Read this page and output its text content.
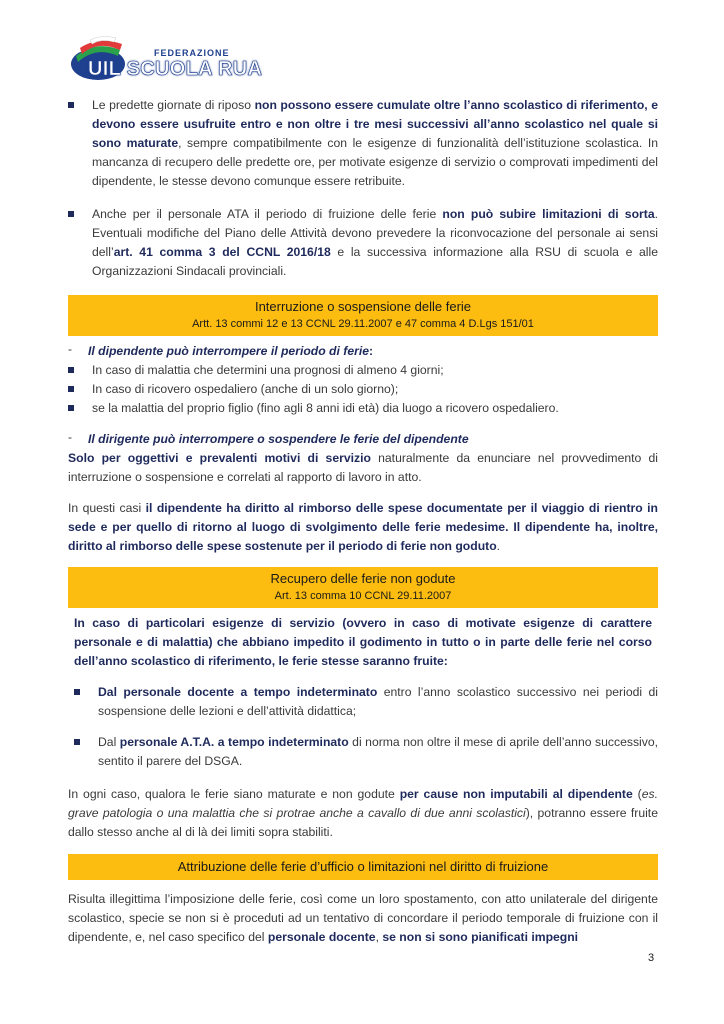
FEDERAZIONE
UIL SCUOLA RUA

Le predette giornate di riposo non possono essere cumulate oltre l’anno scolastico di riferimento, e devono essere usufruite entro e non oltre i tre mesi successivi all’anno scolastico nel quale si sono maturate, sempre compatibilmente con le esigenze di funzionalità dell’istituzione scolastica. In mancanza di recupero delle predette ore, per motivate esigenze di servizio o comprovati impedimenti del dipendente, le stesse devono comunque essere retribuite.

Anche per il personale ATA il periodo di fruizione delle ferie non può subire limitazioni di sorta. Eventuali modifiche del Piano delle Attività devono prevedere la riconvocazione del personale ai sensi dell’art. 41 comma 3 del CCNL 2016/18 e la successiva informazione alla RSU di scuola e alle Organizzazioni Sindacali provinciali.

Interruzione o sospensione delle ferie
Artt. 13 commi 12 e 13 CCNL 29.11.2007 e 47 comma 4 D.Lgs 151/01
-	Il dipendente può interrompere il periodo di ferie:

In caso di malattia che determini una prognosi di almeno 4 giorni;

In caso di ricovero ospedaliero (anche di un solo giorno);

se la malattia del proprio figlio (fino agli 8 anni idi età) dia luogo a ricovero ospedaliero.

-	Il dirigente può interrompere o sospendere le ferie del dipendente

Solo per oggettivi e prevalenti motivi di servizio naturalmente da enunciare nel provvedimento di interruzione o sospensione e correlati al rapporto di lavoro in atto.

In questi casi il dipendente ha diritto al rimborso delle spese documentate per il viaggio di rientro in sede e per quello di ritorno al luogo di svolgimento delle ferie medesime. Il dipendente ha, inoltre, diritto al rimborso delle spese sostenute per il periodo di ferie non goduto.

Recupero delle ferie non godute
Art. 13 comma 10 CCNL 29.11.2007

In caso di particolari esigenze di servizio (ovvero in caso di motivate esigenze di carattere personale e di malattia) che abbiano impedito il godimento in tutto o in parte delle ferie nel corso dell’anno scolastico di riferimento, le ferie stesse saranno fruite:

Dal personale docente a tempo indeterminato entro l’anno scolastico successivo nei periodi di sospensione delle lezioni e dell’attività didattica;

Dal personale A.T.A. a tempo indeterminato di norma non oltre il mese di aprile dell’anno successivo, sentito il parere del DSGA.

In ogni caso, qualora le ferie siano maturate e non godute per cause non imputabili al dipendente (es. grave patologia o una malattia che si protrae anche a cavallo di due anni scolastici), potranno essere fruite dallo stesso anche al di là dei limiti sopra stabiliti.

Attribuzione delle ferie d’ufficio o limitazioni nel diritto di fruizione

Risulta illegittima l’imposizione delle ferie, così come un loro spostamento, con atto unilaterale del dirigente scolastico, specie se non si è proceduti ad un tentativo di concordare il periodo temporale di fruizione con il dipendente, e, nel caso specifico del personale docente, se non si sono pianificati impegni

3
